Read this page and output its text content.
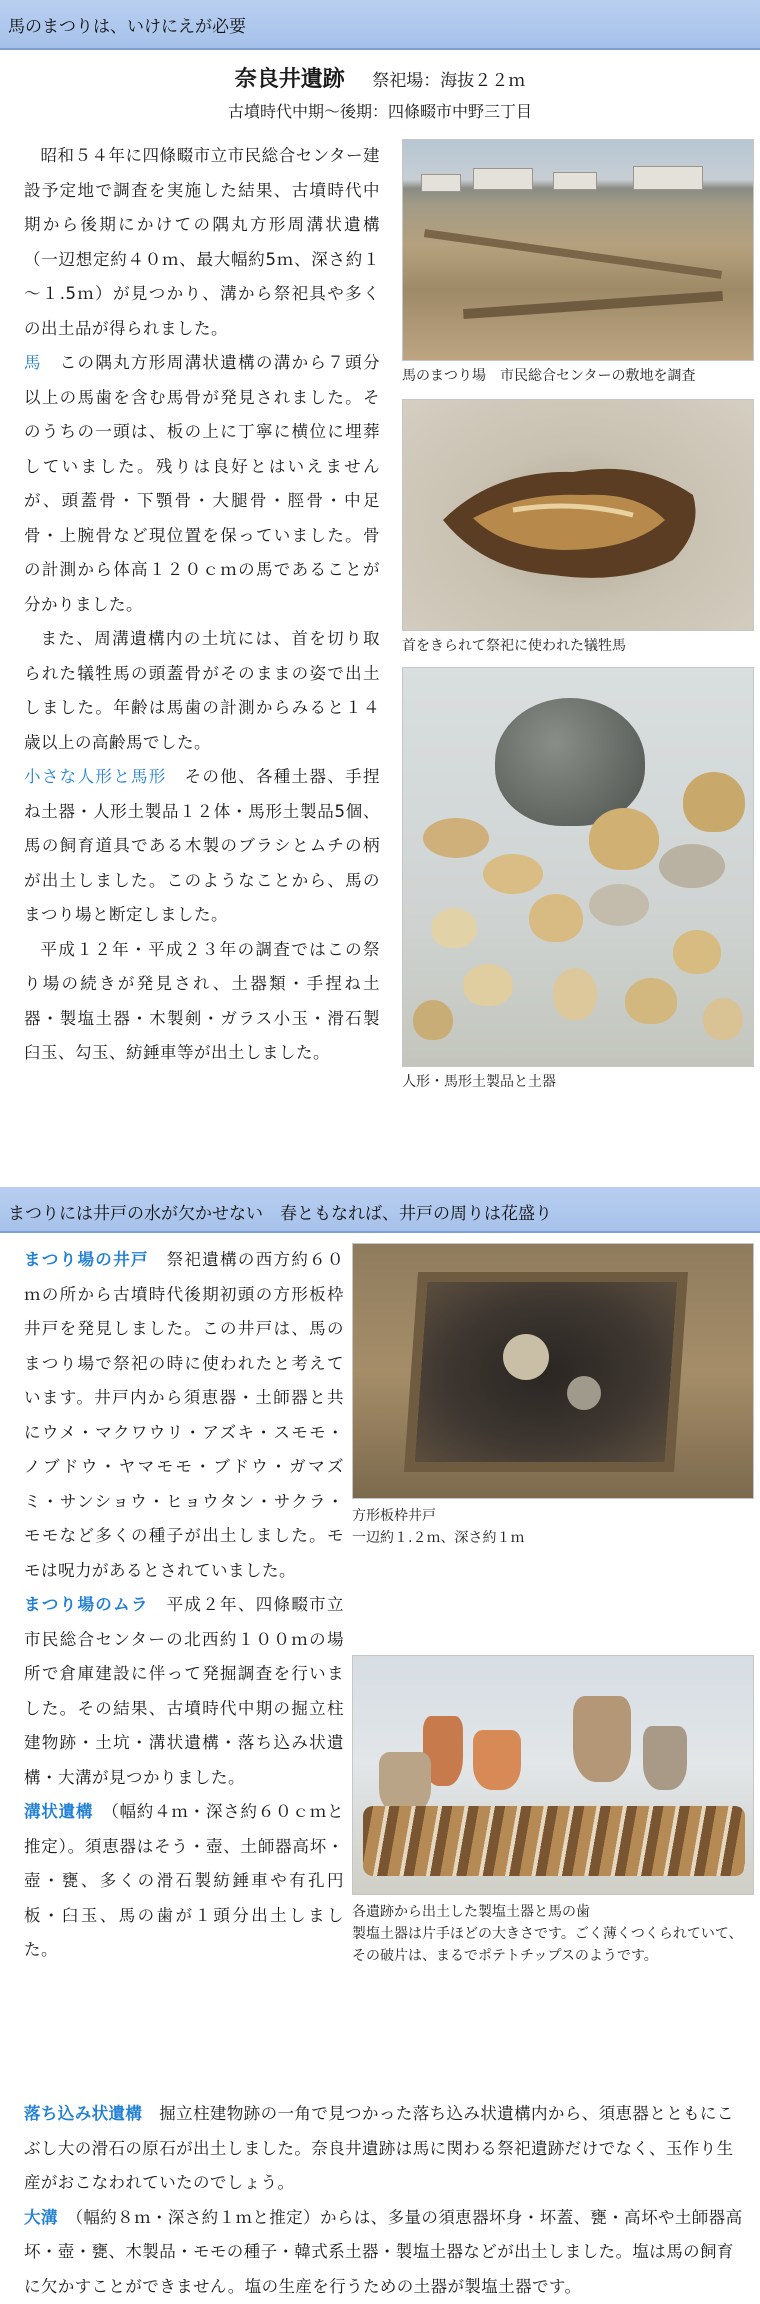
馬のまつりは、いけにえが必要
奈良井遺跡 祭祀場：海抜２２ｍ
古墳時代中期～後期：四條畷市中野三丁目

昭和５４年に四條畷市立市民総合センター建設予定地で調査を実施した結果、古墳時代中期から後期にかけての隅丸方形周溝状遺構（一辺想定約４０ｍ、最大幅約5ｍ、深さ約１～１.5ｍ）が見つかり、溝から祭祀具や多くの出土品が得られました。

馬　 この隅丸方形周溝状遺構の溝から７頭分以上の馬歯を含む馬骨が発見されました。そのうちの一頭は、板の上に丁寧に横位に埋葬していました。残りは良好とはいえませんが、頭蓋骨・下顎骨・大腿骨・脛骨・中足骨・上腕骨など現位置を保っていました。骨の計測から体高１２０ｃｍの馬であることが分かりました。

また、周溝遺構内の土坑には、首を切り取られた犠牲馬の頭蓋骨がそのままの姿で出土しました。年齢は馬歯の計測からみると１４歳以上の高齢馬でした。

小さな人形と馬形　 その他、各種土器、手捏ね土器・人形土製品１２体・馬形土製品5個、馬の飼育道具である木製のブラシとムチの柄が出土しました。このようなことから、馬のまつり場と断定しました。

平成１２年・平成２３年の調査ではこの祭り場の続きが発見され、土器類・手捏ね土器・製塩土器・木製剣・ガラス小玉・滑石製臼玉、勾玉、紡錘車等が出土しました。

馬のまつり場　市民総合センターの敷地を調査
首をきられて祭祀に使われた犠牲馬
人形・馬形土製品と土器
まつりには井戸の水が欠かせない　春ともなれば、井戸の周りは花盛り

まつり場の井戸　 祭祀遺構の西方約６０ｍの所から古墳時代後期初頭の方形板枠井戸を発見しました。この井戸は、馬のまつり場で祭祀の時に使われたと考えています。井戸内から須恵器・土師器と共にウメ・マクワウリ・アズキ・スモモ・ノブドウ・ヤマモモ・ブドウ・ガマズミ・サンショウ・ヒョウタン・サクラ・モモなど多くの種子が出土しました。モモは呪力があるとされていました。

まつり場のムラ　 平成２年、四條畷市立市民総合センターの北西約１００ｍの場所で倉庫建設に伴って発掘調査を行いました。その結果、古墳時代中期の掘立柱建物跡・土坑・溝状遺構・落ち込み状遺構・大溝が見つかりました。

溝状遺構　 （幅約４ｍ・深さ約６０ｃｍと推定）。須恵器はそう・壺、土師器高坏・壺・甕、多くの滑石製紡錘車や有孔円板・臼玉、馬の歯が１頭分出土しました。

方形板枠井戸
一辺約１.２ｍ、深さ約１ｍ
各遺跡から出土した製塩土器と馬の歯
製塩土器は片手ほどの大きさです。ごく薄くつくられていて、その破片は、まるでポテトチップスのようです。

落ち込み状遺構　 掘立柱建物跡の一角で見つかった落ち込み状遺構内から、須恵器とともにこぶし大の滑石の原石が出土しました。奈良井遺跡は馬に関わる祭祀遺跡だけでなく、玉作り生産がおこなわれていたのでしょう。

大溝　 （幅約８ｍ・深さ約１ｍと推定）からは、多量の須恵器坏身・坏蓋、甕・高坏や土師器高坏・壺・甕、木製品・モモの種子・韓式系土器・製塩土器などが出土しました。塩は馬の飼育に欠かすことができません。塩の生産を行うための土器が製塩土器です。
